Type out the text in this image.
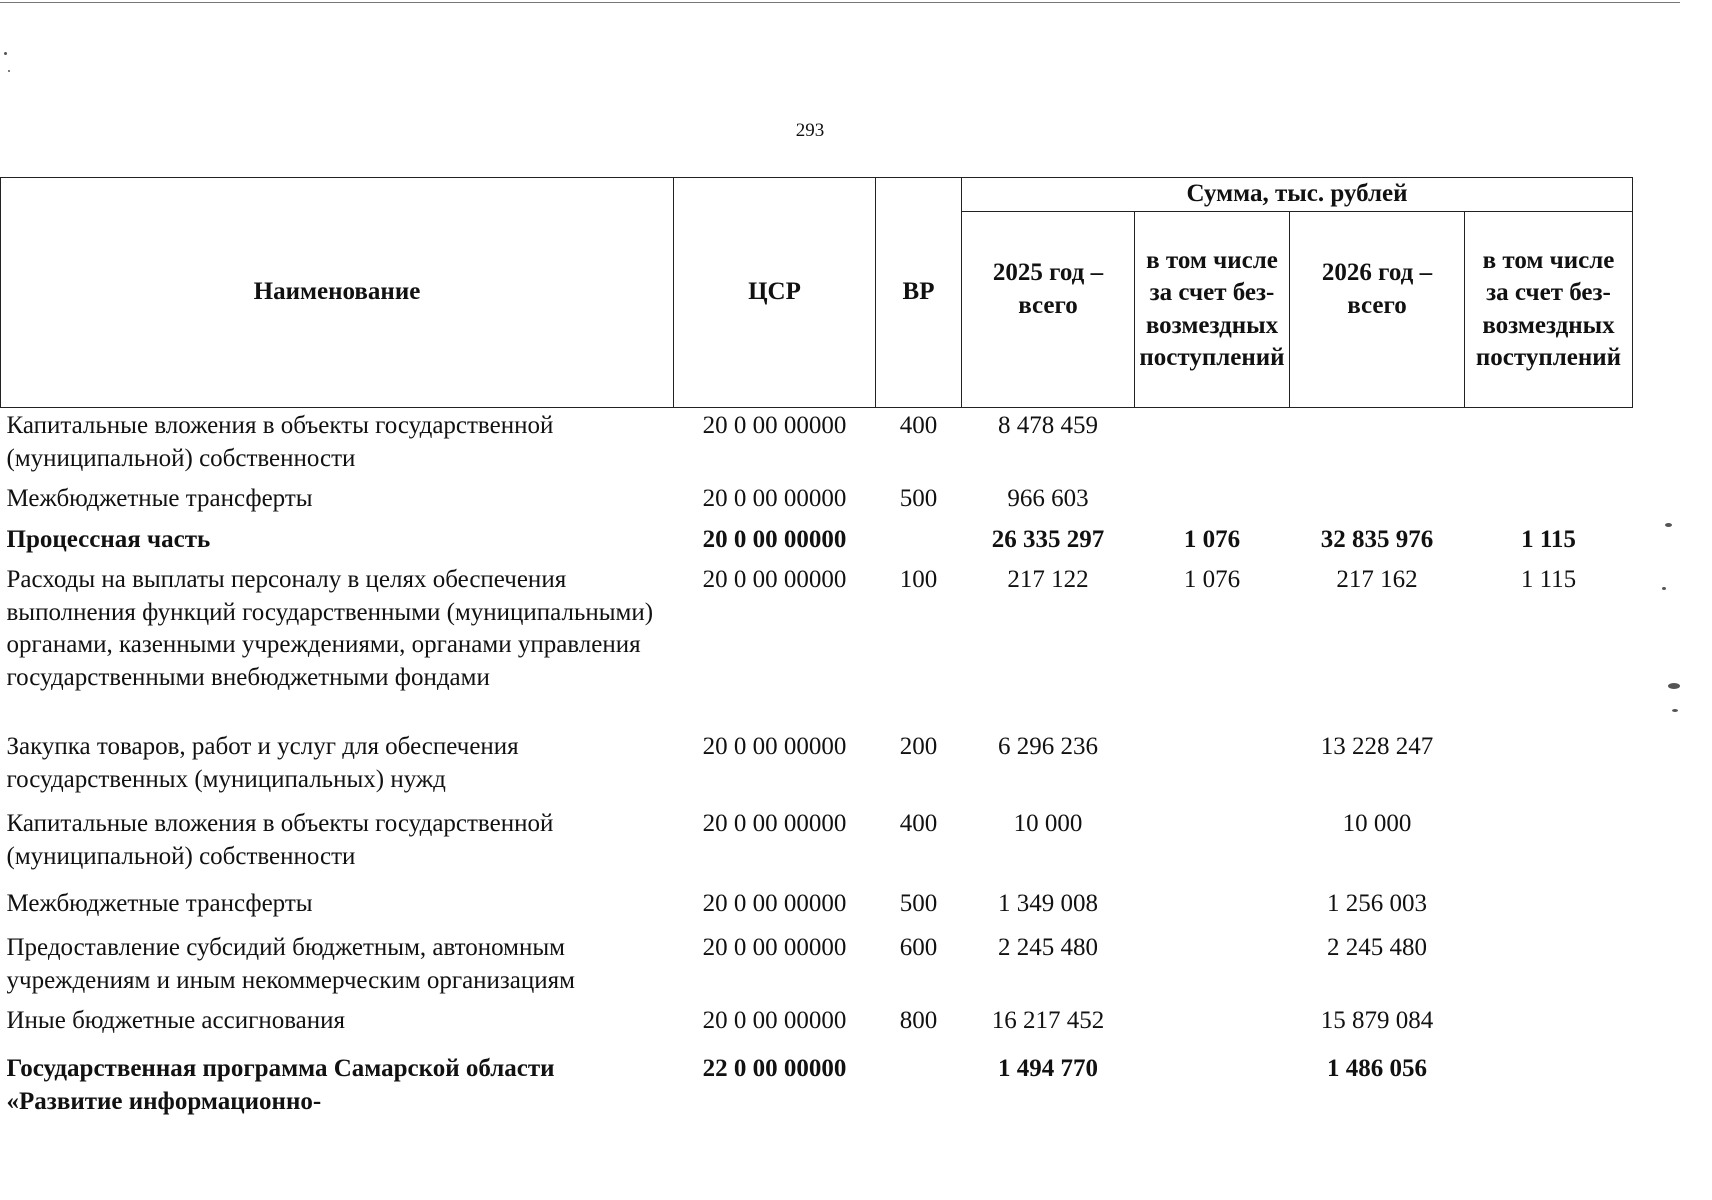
293
Наименование	ЦСР	ВР	Сумма, тыс. рублей			
			2025 год – всего	в том числе за счет безвозмездных поступлений	2026 год – всего	в том числе за счет безвозмездных поступлений
Капитальные вложения в объекты государственной (муниципальной) собственности	20 0 00 00000	400	8 478 459			
Межбюджетные трансферты	20 0 00 00000	500	966 603			
Процессная часть	20 0 00 00000		26 335 297	1 076	32 835 976	1 115
Расходы на выплаты персоналу в целях обеспечения выполнения функций государственными (муниципальными) органами, казенными учреждениями, органами управления государственными внебюджетными фондами	20 0 00 00000	100	217 122	1 076	217 162	1 115
Закупка товаров, работ и услуг для обеспечения государственных (муниципальных) нужд	20 0 00 00000	200	6 296 236		13 228 247	
Капитальные вложения в объекты государственной (муниципальной) собственности	20 0 00 00000	400	10 000		10 000	
Межбюджетные трансферты	20 0 00 00000	500	1 349 008		1 256 003	
Предоставление субсидий бюджетным, автономным учреждениям и иным некоммерческим организациям	20 0 00 00000	600	2 245 480		2 245 480	
Иные бюджетные ассигнования	20 0 00 00000	800	16 217 452		15 879 084	
Государственная программа Самарской области «Развитие информационно-	22 0 00 00000		1 494 770		1 486 056	
